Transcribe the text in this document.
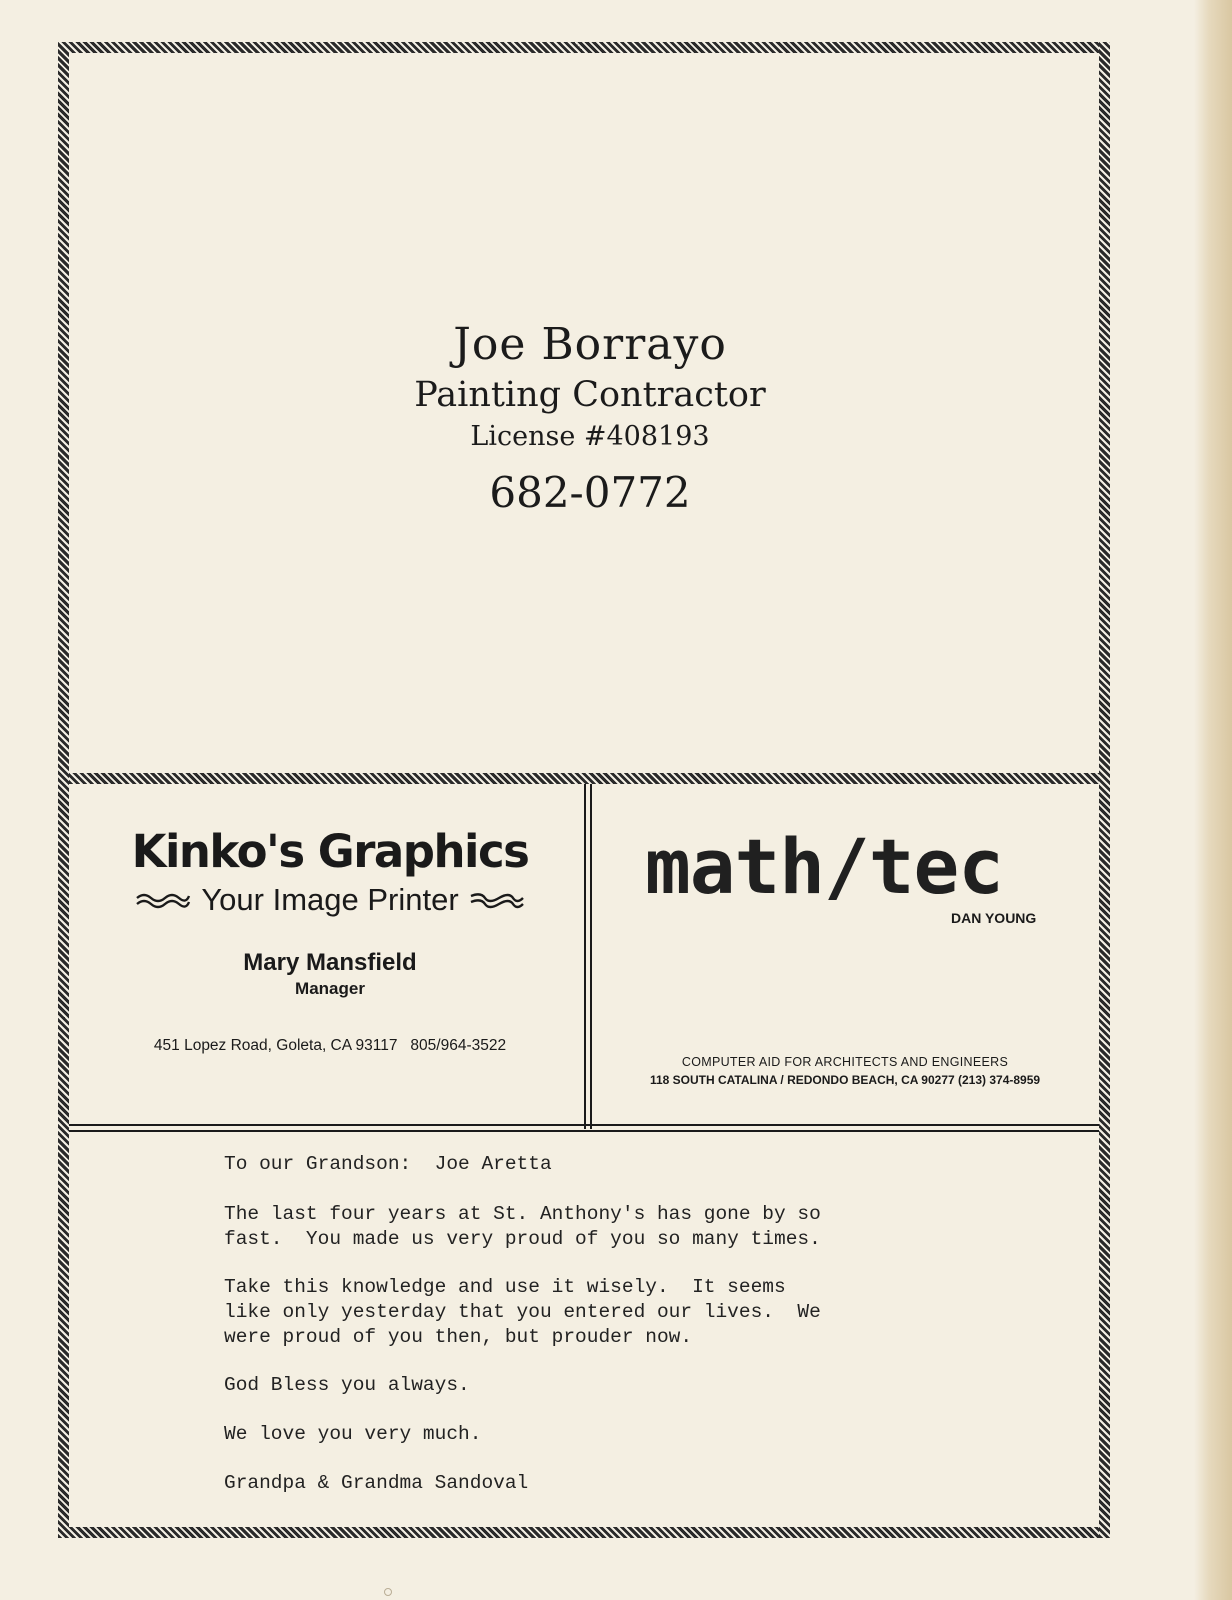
Joe Borrayo
Painting Contractor
License #408193
682-0772
Kinko's Graphics
Your Image Printer
Mary Mansfield
Manager
451 Lopez Road, Goleta, CA 93117 805/964-3522
math/tec
DAN YOUNG
COMPUTER AID FOR ARCHITECTS AND ENGINEERS
118 SOUTH CATALINA / REDONDO BEACH, CA 90277 (213) 374-8959

To our Grandson:  Joe Aretta

The last four years at St. Anthony's has gone by so
fast.  You made us very proud of you so many times.

Take this knowledge and use it wisely.  It seems
like only yesterday that you entered our lives.  We
were proud of you then, but prouder now.

God Bless you always.

We love you very much.

Grandpa & Grandma Sandoval
